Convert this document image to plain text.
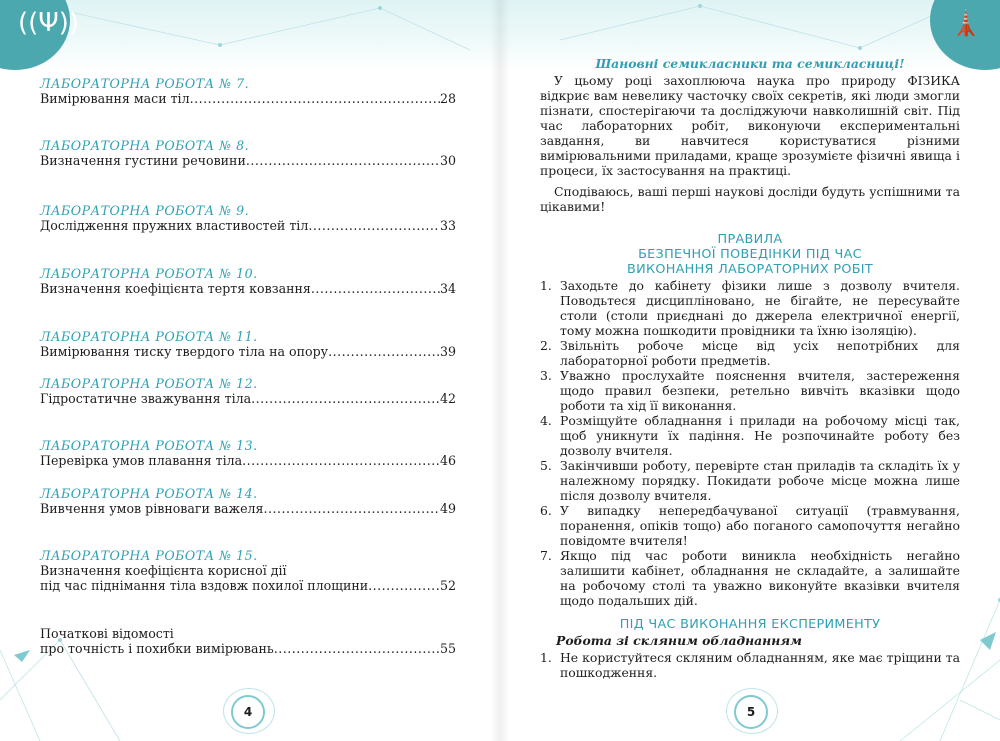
((Ψ))	🗼
ЛАБОРАТОРНА РОБОТА № 7.
Вимірювання маси тіл .....	28
ЛАБОРАТОРНА РОБОТА № 8.
Визначення густини речовини .....	30
ЛАБОРАТОРНА РОБОТА № 9.
Дослідження пружних властивостей тіл .....	33
ЛАБОРАТОРНА РОБОТА № 10.
Визначення коефіцієнта тертя ковзання .....	34
ЛАБОРАТОРНА РОБОТА № 11.
Вимірювання тиску твердого тіла на опору .....	39
ЛАБОРАТОРНА РОБОТА № 12.
Гідростатичне зважування тіла .....	42
ЛАБОРАТОРНА РОБОТА № 13.
Перевірка умов плавання тіла .....	46
ЛАБОРАТОРНА РОБОТА № 14.
Вивчення умов рівноваги важеля .....	49
ЛАБОРАТОРНА РОБОТА № 15.
Визначення коефіцієнта корисної дії
під час піднімання тіла вздовж похилої площини .....	52
Початкові відомості
про точність і похибки вимірювань .....	55
4
Шановні семикласники та семикласниці!
У цьому році захоплююча наука про природу ФІЗИКА відкриє вам невелику часточку своїх секретів, які люди змогли пізнати, спостерігаючи та досліджуючи навколишній світ. Під час лабораторних робіт, виконуючи експериментальні завдання, ви навчитеся користуватися різними вимірювальними приладами, краще зрозумієте фізичні явища і процеси, їх застосування на практиці.
Сподіваюсь, ваші перші наукові досліди будуть успішними та цікавими!
ПРАВИЛА
БЕЗПЕЧНОЇ ПОВЕДІНКИ ПІД ЧАС
ВИКОНАННЯ ЛАБОРАТОРНИХ РОБІТ
1. Заходьте до кабінету фізики лише з дозволу вчителя. Поводьтеся дисципліновано, не бігайте, не пересувайте столи (столи приєднані до джерела електричної енергії, тому можна пошкодити провідники та їхню ізоляцію).
2. Звільніть робоче місце від усіх непотрібних для лабораторної роботи предметів.
3. Уважно прослухайте пояснення вчителя, застереження щодо правил безпеки, ретельно вивчіть вказівки щодо роботи та хід її виконання.
4. Розміщуйте обладнання і прилади на робочому місці так, щоб уникнути їх падіння. Не розпочинайте роботу без дозволу вчителя.
5. Закінчивши роботу, перевірте стан приладів та складіть їх у належному порядку. Покидати робоче місце можна лише після дозволу вчителя.
6. У випадку непередбачуваної ситуації (травмування, поранення, опіків тощо) або поганого самопочуття негайно повідомте вчителя!
7. Якщо під час роботи виникла необхідність негайно залишити кабінет, обладнання не складайте, а залишайте на робочому столі та уважно виконуйте вказівки вчителя щодо подальших дій.
ПІД ЧАС ВИКОНАННЯ ЕКСПЕРИМЕНТУ
Робота зі скляним обладнанням
1. Не користуйтеся скляним обладнанням, яке має тріщини та пошкодження.
5
